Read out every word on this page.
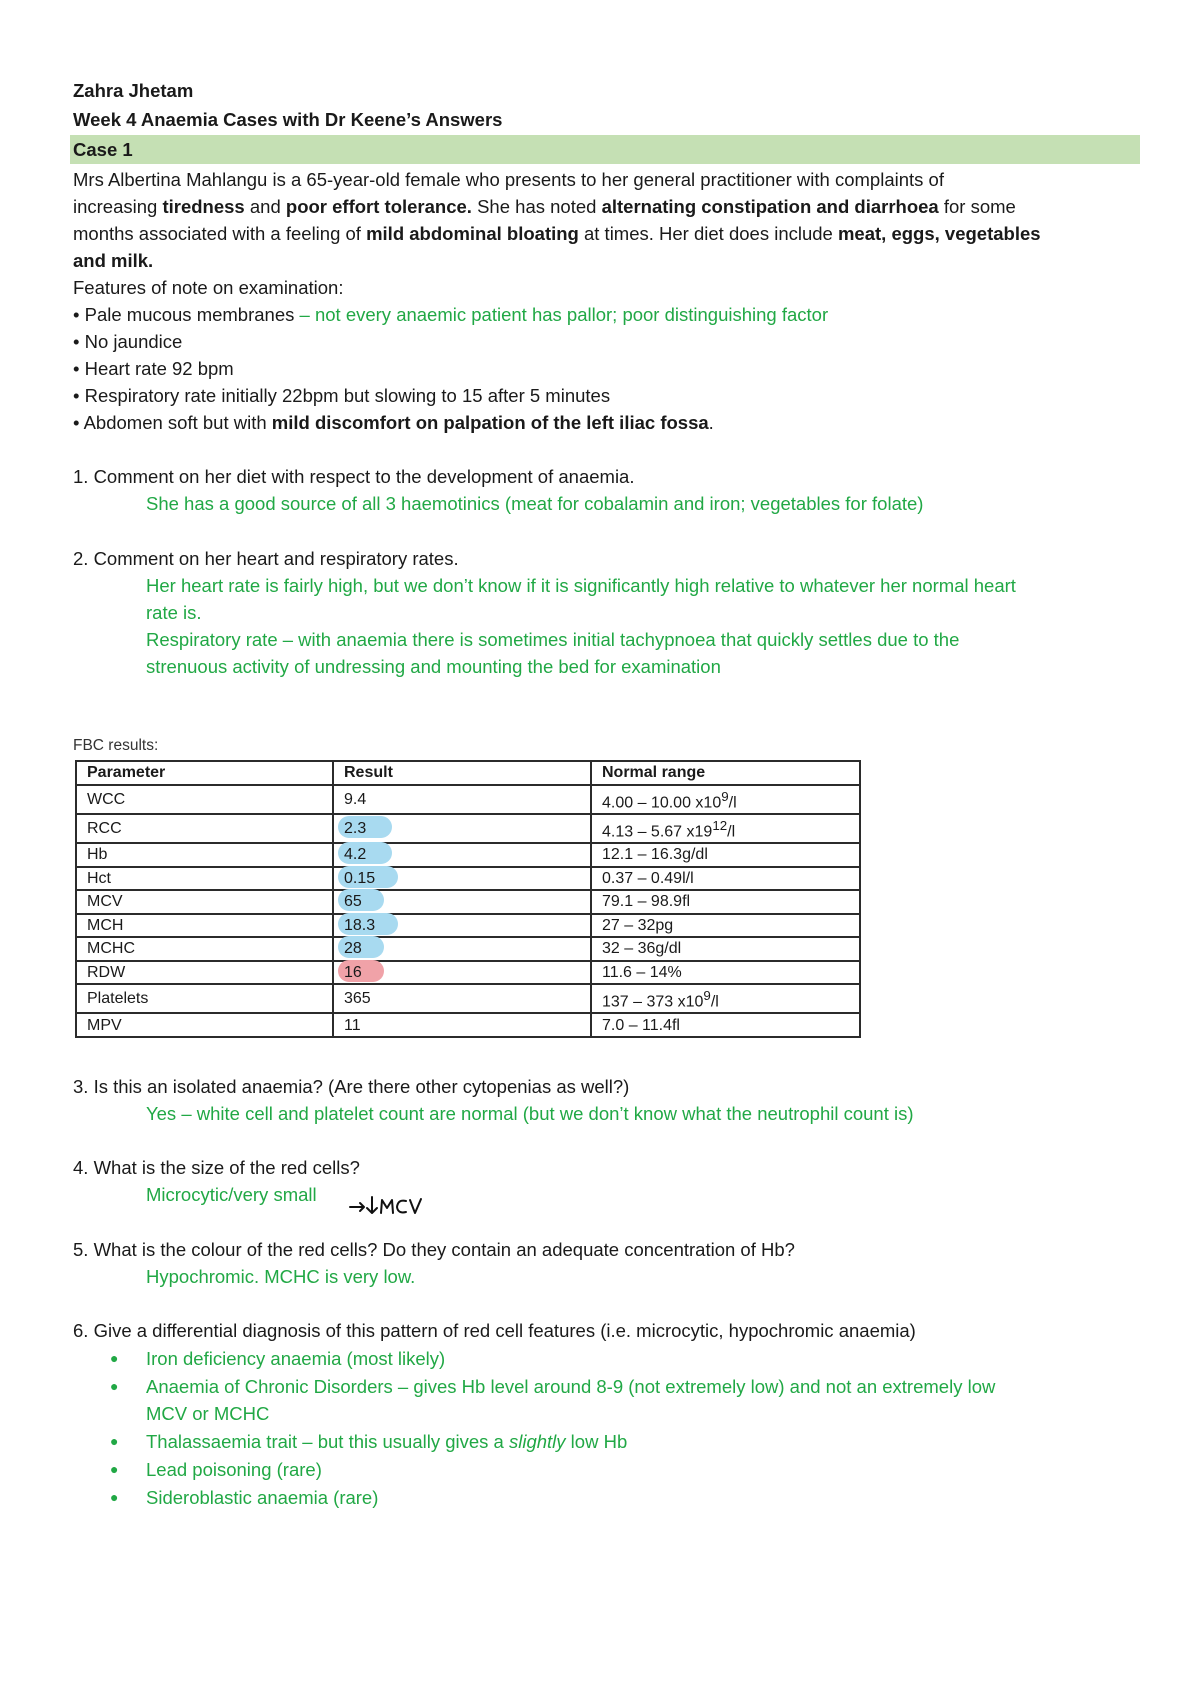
Zahra Jhetam
Week 4 Anaemia Cases with Dr Keene’s Answers
Case 1
Mrs Albertina Mahlangu is a 65-year-old female who presents to her general practitioner with complaints of
increasing tiredness and poor effort tolerance. She has noted alternating constipation and diarrhoea for some
months associated with a feeling of mild abdominal bloating at times. Her diet does include meat, eggs, vegetables
and milk.
Features of note on examination:
• Pale mucous membranes – not every anaemic patient has pallor; poor distinguishing factor
• No jaundice
• Heart rate 92 bpm
• Respiratory rate initially 22bpm but slowing to 15 after 5 minutes
• Abdomen soft but with mild discomfort on palpation of the left iliac fossa.
1. Comment on her diet with respect to the development of anaemia.
She has a good source of all 3 haemotinics (meat for cobalamin and iron; vegetables for folate)
2. Comment on her heart and respiratory rates.
Her heart rate is fairly high, but we don’t know if it is significantly high relative to whatever her normal heart
rate is.
Respiratory rate – with anaemia there is sometimes initial tachypnoea that quickly settles due to the
strenuous activity of undressing and mounting the bed for examination
FBC results:
Parameter	Result	Normal range
WCC	9.4	4.00 – 10.00 $x10^9/l$
RCC	2.3	4.13 – 5.67 $x19^{12}/l$
Hb	4.2	12.1 – 16.3g/dl
Hct	0.15	0.37 – 0.49l/l
MCV	65	79.1 – 98.9fl
MCH	18.3	27 – 32pg
MCHC	28	32 – 36g/dl
RDW	16	11.6 – 14%
Platelets	365	137 – 373 $x10^9/l$
MPV	11	7.0 – 11.4fl
3. Is this an isolated anaemia? (Are there other cytopenias as well?)
Yes – white cell and platelet count are normal (but we don’t know what the neutrophil count is)
4. What is the size of the red cells?
Microcytic/very small
5. What is the colour of the red cells? Do they contain an adequate concentration of Hb?
Hypochromic. MCHC is very low.
6. Give a differential diagnosis of this pattern of red cell features (i.e. microcytic, hypochromic anaemia)
● Iron deficiency anaemia (most likely)
● Anaemia of Chronic Disorders – gives Hb level around 8-9 (not extremely low) and not an extremely low
MCV or MCHC
● Thalassaemia trait – but this usually gives a slightly low Hb
● Lead poisoning (rare)
● Sideroblastic anaemia (rare)
